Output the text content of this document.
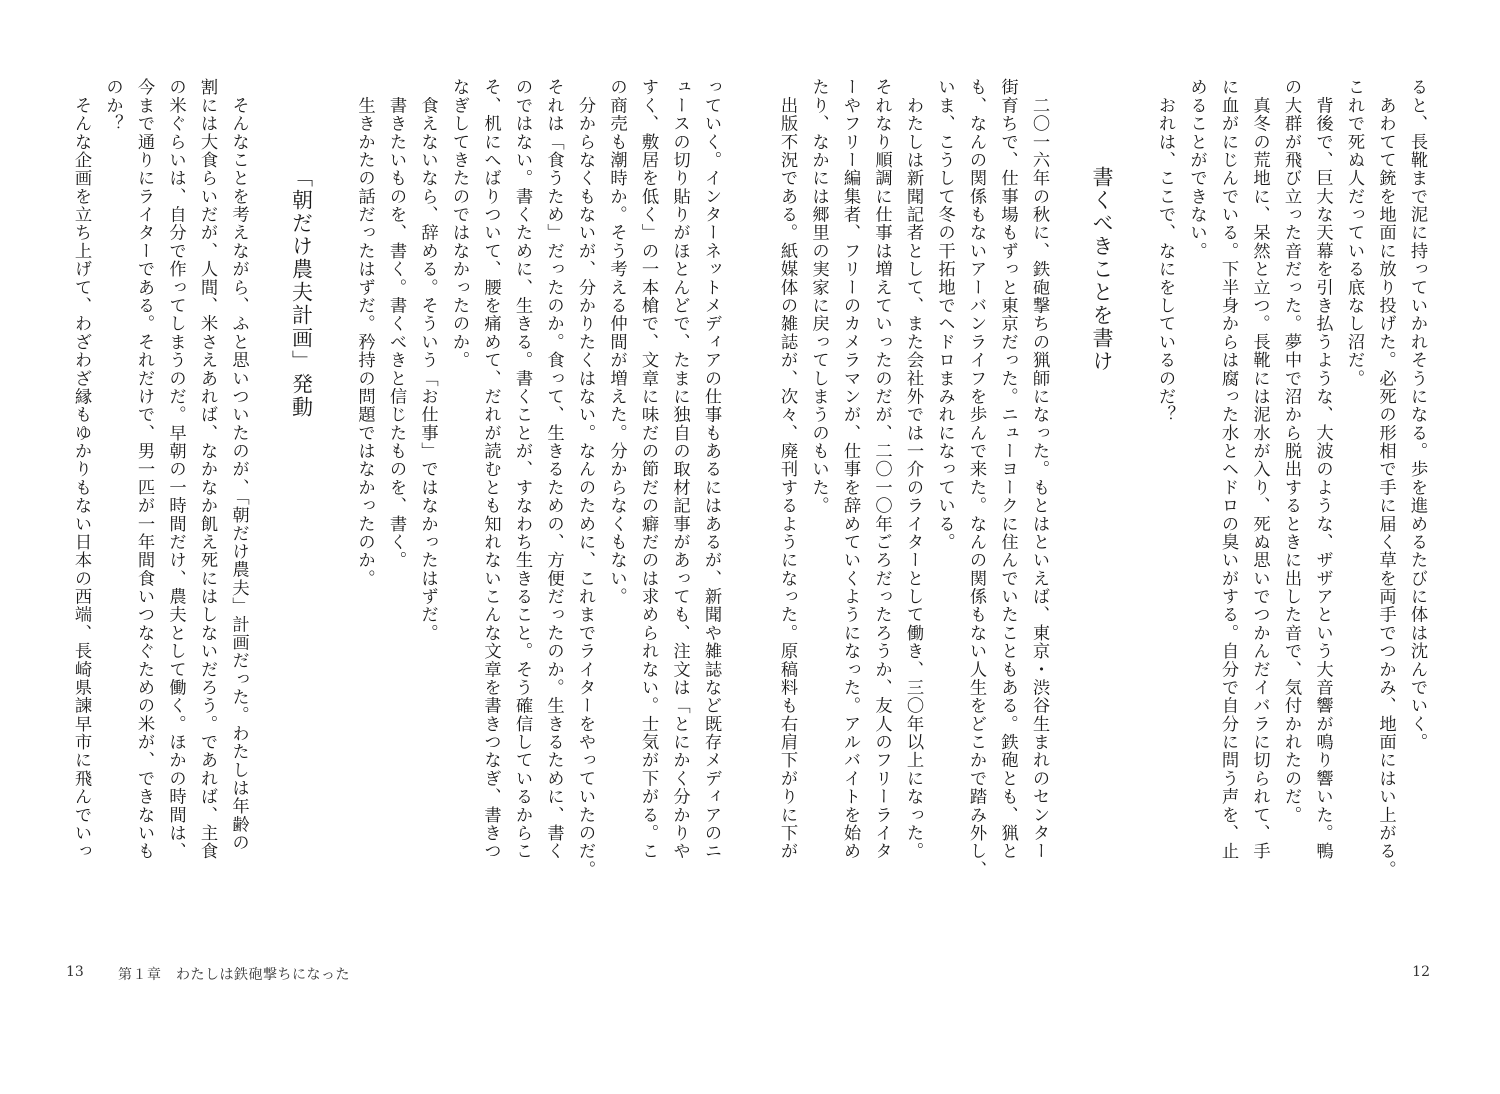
っていく。インターネットメディアの仕事もあるにはあるが、新聞や雑誌など既存メディアのニ
ュースの切り貼りがほとんどで、たまに独自の取材記事があっても、注文は「とにかく分かりや
すく、敷居を低く」の一本槍で、文章に味だの節だの癖だのは求められない。士気が下がる。こ
の商売も潮時か。そう考える仲間が増えた。分からなくもない。
　分からなくもないが、分かりたくはない。なんのために、これまでライターをやっていたのだ。
それは「食うため」だったのか。食って、生きるための、方便だったのか。生きるために、書く
のではない。書くために、生きる。書くことが、すなわち生きること。そう確信しているからこ
そ、机にへばりついて、腰を痛めて、だれが読むとも知れないこんな文章を書きつなぎ、書きつ
なぎしてきたのではなかったのか。
　食えないなら、辞める。そういう「お仕事」ではなかったはずだ。
　書きたいものを、書く。書くべきと信じたものを、書く。
　生きかたの話だったはずだ。矜持の問題ではなかったのか。

「朝だけ農夫計画」発動

　そんなことを考えながら、ふと思いついたのが、「朝だけ農夫」計画だった。わたしは年齢の
割には大食らいだが、人間、米さえあれば、なかなか飢え死にはしないだろう。であれば、主食
の米ぐらいは、自分で作ってしまうのだ。早朝の一時間だけ、農夫として働く。ほかの時間は、
今まで通りにライターである。それだけで、男一匹が一年間食いつなぐための米が、できないも
のか？
　そんな企画を立ち上げて、わざわざ縁もゆかりもない日本の西端、長崎県諫早市に飛んでいっ
13 第１章　わたしは鉄砲撃ちになった
ると、長靴まで泥に持っていかれそうになる。歩を進めるたびに体は沈んでいく。
　あわてて銃を地面に放り投げた。必死の形相で手に届く草を両手でつかみ、地面にはい上がる。
これで死ぬ人だっている底なし沼だ。
　背後で、巨大な天幕を引き払うような、大波のような、ザザアという大音響が鳴り響いた。鴨
の大群が飛び立った音だった。夢中で沼から脱出するときに出した音で、気付かれたのだ。
　真冬の荒地に、呆然と立つ。長靴には泥水が入り、死ぬ思いでつかんだイバラに切られて、手
に血がにじんでいる。下半身からは腐った水とヘドロの臭いがする。自分で自分に問う声を、止
めることができない。
　おれは、ここで、なにをしているのだ？

書くべきことを書け

　二〇一六年の秋に、鉄砲撃ちの猟師になった。もとはといえば、東京・渋谷生まれのセンター
街育ちで、仕事場もずっと東京だった。ニューヨークに住んでいたこともある。鉄砲とも、猟と
も、なんの関係もないアーバンライフを歩んで来た。なんの関係もない人生をどこかで踏み外し、
いま、こうして冬の干拓地でヘドロまみれになっている。
　わたしは新聞記者として、また会社外では一介のライターとして働き、三〇年以上になった。
それなり順調に仕事は増えていったのだが、二〇一〇年ごろだったろうか、友人のフリーライタ
ーやフリー編集者、フリーのカメラマンが、仕事を辞めていくようになった。アルバイトを始め
たり、なかには郷里の実家に戻ってしまうのもいた。
　出版不況である。紙媒体の雑誌が、次々、廃刊するようになった。原稿料も右肩下がりに下が
12
